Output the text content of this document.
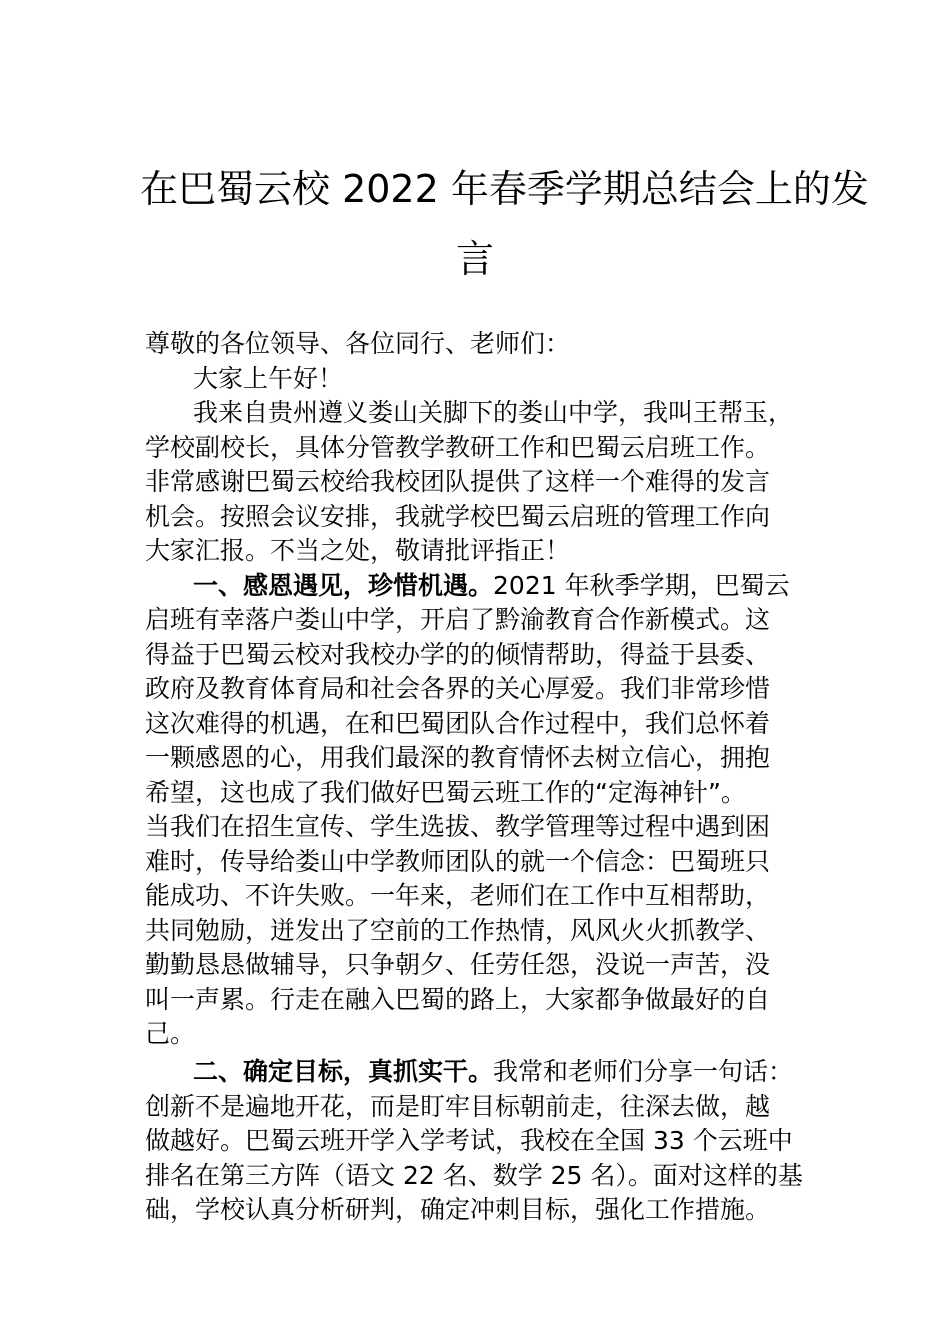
在巴蜀云校 2022 年春季学期总结会上的发
言

尊敬的各位领导、各位同行、老师们：

大家上午好！

我来自贵州遵义娄山关脚下的娄山中学，我叫王帮玉，

学校副校长，具体分管教学教研工作和巴蜀云启班工作。

非常感谢巴蜀云校给我校团队提供了这样一个难得的发言

机会。按照会议安排，我就学校巴蜀云启班的管理工作向

大家汇报。不当之处，敬请批评指正！

一、感恩遇见，珍惜机遇。2021 年秋季学期，巴蜀云

启班有幸落户娄山中学，开启了黔渝教育合作新模式。这

得益于巴蜀云校对我校办学的的倾情帮助，得益于县委、

政府及教育体育局和社会各界的关心厚爱。我们非常珍惜

这次难得的机遇，在和巴蜀团队合作过程中，我们总怀着

一颗感恩的心，用我们最深的教育情怀去树立信心，拥抱

希望，这也成了我们做好巴蜀云班工作的“定海神针”。

当我们在招生宣传、学生选拔、教学管理等过程中遇到困

难时，传导给娄山中学教师团队的就一个信念：巴蜀班只

能成功、不许失败。一年来，老师们在工作中互相帮助，

共同勉励，迸发出了空前的工作热情，风风火火抓教学、

勤勤恳恳做辅导，只争朝夕、任劳任怨，没说一声苦，没

叫一声累。行走在融入巴蜀的路上，大家都争做最好的自

己。

二、确定目标，真抓实干。我常和老师们分享一句话：

创新不是遍地开花，而是盯牢目标朝前走，往深去做，越

做越好。巴蜀云班开学入学考试，我校在全国 33 个云班中

排名在第三方阵（语文 22 名、数学 25 名）。面对这样的基

础，学校认真分析研判，确定冲刺目标，强化工作措施。
